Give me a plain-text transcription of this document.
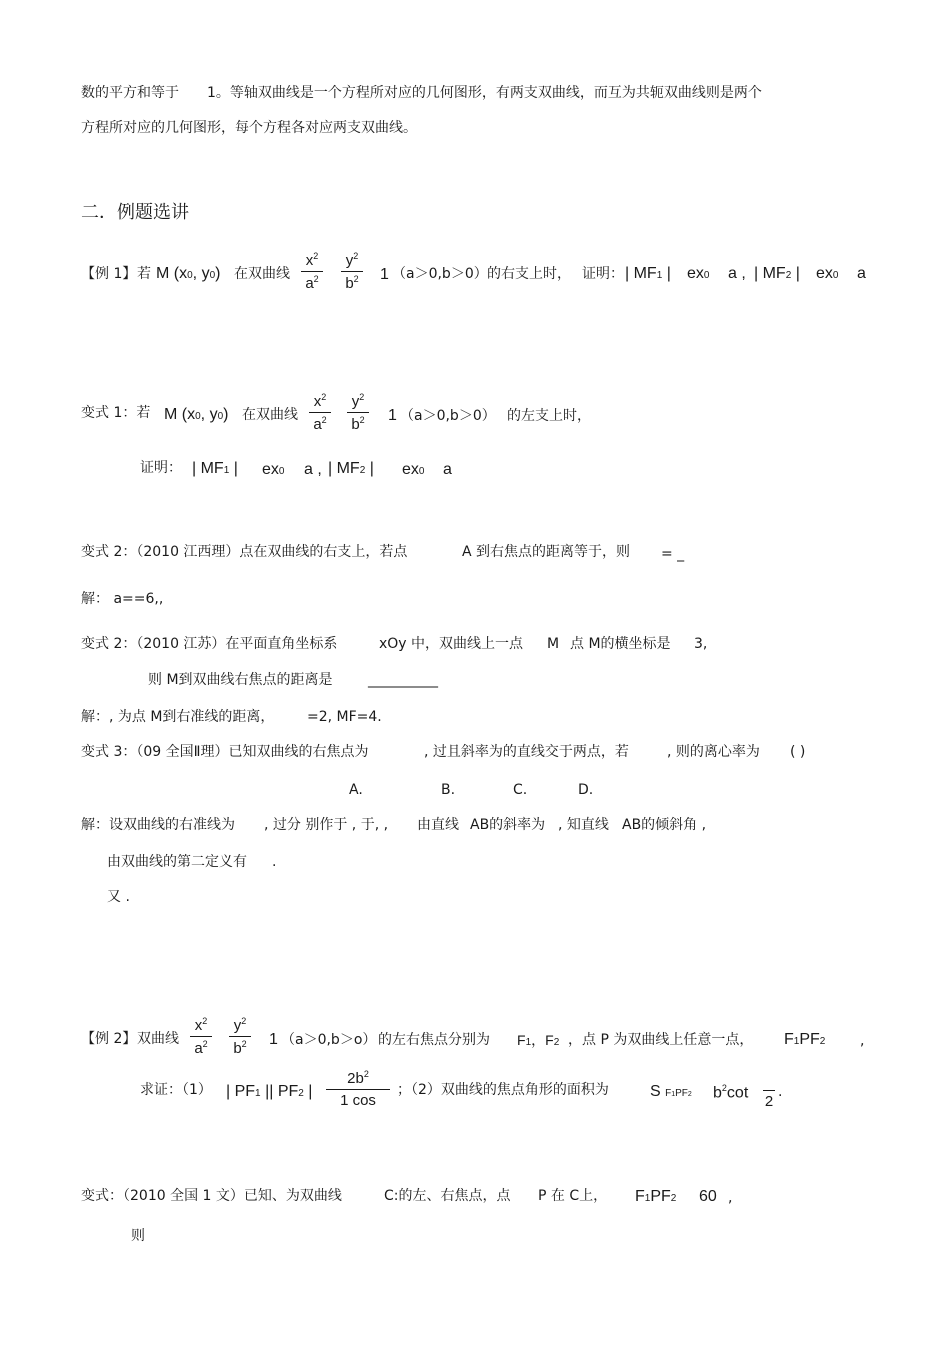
数的平方和等于 1。等轴双曲线是一个方程所对应的几何图形，有两支双曲线，而互为共轭双曲线则是两个
方程所对应的几何图形，每个方程各对应两支双曲线。
二．例题选讲
【例 1】 若 M (x0, y0) 在双曲线
$x^2$
$a^2$
$y^2$
$b^2$ 1 （a＞0,b＞0） 的右支上时， 证明： | MF1 | ex0 a , | MF2 | ex0 a
变式 1：若 M (x0, y0) 在双曲线
$x^2$
$a^2$
$y^2$
$b^2$ 1 （a＞0,b＞0） 的左支上时，
证明： | MF1 | ex0 a , | MF2 | ex0 a
变式 2：（2010 江西理）点在双曲线的右支上，若点	A 到右焦点的距离等于，则 = _
解： a==6,,
变式 2：（2010 江苏）在平面直角坐标系	xOy 中，双曲线上一点 M 点 M的横坐标是 3,
则 M到双曲线右焦点的距离是	__________
解：, 为点 M到右准线的距离， =2, MF=4.
变式 3：（09 全国Ⅱ理）已知双曲线的右焦点为	, 过且斜率为的直线交于两点，若	, 则的离心率为 ( )
A.	B.	C.	D.
解：设双曲线的右准线为 , 过分 别作于 , 于, , 由直线 AB的斜率为 , 知直线 AB的倾斜角 ,
由双曲线的第二定义有 .
又 .
【例 2】 双曲线
$x^2$
$a^2$
$y^2$
$b^2$ 1 （a＞0,b＞o） 的左右焦点分别为 F1，F2 ，点 P 为双曲线上任意一点， F1PF2 ,
求证：（1） | PF1 || PF2 |
$2b^2$
1 cos
；（2）双曲线的焦点角形的面积为	S F1PF2 $b^2\cot$

2
.
变式：（2010 全国 1 文）已知、为双曲线	C:的左、右焦点，点 P 在 C上， F1PF2 60 ,
则
